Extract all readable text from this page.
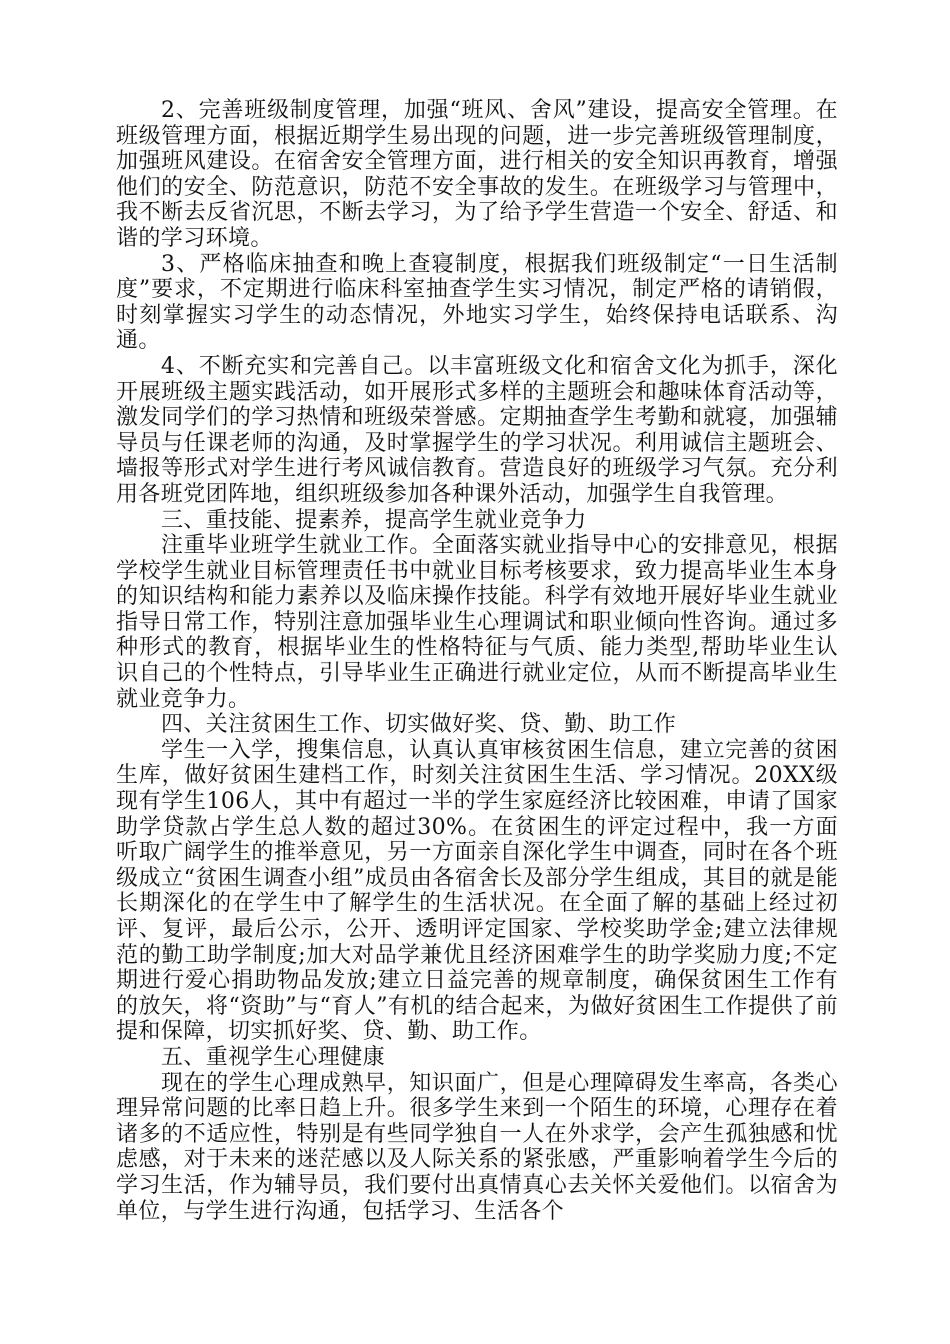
2、完善班级制度管理，加强“班风、舍风”建设，提高安全管理。在班级管理方面，根据近期学生易出现的问题，进一步完善班级管理制度，加强班风建设。在宿舍安全管理方面，进行相关的安全知识再教育，增强他们的安全、防范意识，防范不安全事故的发生。在班级学习与管理中，我不断去反省沉思，不断去学习，为了给予学生营造一个安全、舒适、和谐的学习环境。

3、严格临床抽查和晚上查寝制度，根据我们班级制定“一日生活制度”要求，不定期进行临床科室抽查学生实习情况，制定严格的请销假，时刻掌握实习学生的动态情况，外地实习学生，始终保持电话联系、沟通。

4、不断充实和完善自己。以丰富班级文化和宿舍文化为抓手，深化开展班级主题实践活动，如开展形式多样的主题班会和趣味体育活动等，激发同学们的学习热情和班级荣誉感。定期抽查学生考勤和就寝，加强辅导员与任课老师的沟通，及时掌握学生的学习状况。利用诚信主题班会、墙报等形式对学生进行考风诚信教育。营造良好的班级学习气氛。充分利用各班党团阵地，组织班级参加各种课外活动，加强学生自我管理。

三、重技能、提素养，提高学生就业竞争力

注重毕业班学生就业工作。全面落实就业指导中心的安排意见，根据学校学生就业目标管理责任书中就业目标考核要求，致力提高毕业生本身的知识结构和能力素养以及临床操作技能。科学有效地开展好毕业生就业指导日常工作，特别注意加强毕业生心理调试和职业倾向性咨询。通过多种形式的教育，根据毕业生的性格特征与气质、能力类型,帮助毕业生认识自己的个性特点，引导毕业生正确进行就业定位，从而不断提高毕业生就业竞争力。

四、关注贫困生工作、切实做好奖、贷、勤、助工作

学生一入学，搜集信息，认真认真审核贫困生信息，建立完善的贫困生库，做好贫困生建档工作，时刻关注贫困生生活、学习情况。20XX级现有学生106人，其中有超过一半的学生家庭经济比较困难，申请了国家助学贷款占学生总人数的超过30%。在贫困生的评定过程中，我一方面听取广阔学生的推举意见，另一方面亲自深化学生中调查，同时在各个班级成立“贫困生调查小组”成员由各宿舍长及部分学生组成，其目的就是能长期深化的在学生中了解学生的生活状况。在全面了解的基础上经过初评、复评，最后公示，公开、透明评定国家、学校奖助学金;建立法律规范的勤工助学制度;加大对品学兼优且经济困难学生的助学奖励力度;不定期进行爱心捐助物品发放;建立日益完善的规章制度，确保贫困生工作有的放矢，将“资助”与“育人”有机的结合起来，为做好贫困生工作提供了前提和保障，切实抓好奖、贷、勤、助工作。

五、重视学生心理健康

现在的学生心理成熟早，知识面广，但是心理障碍发生率高，各类心理异常问题的比率日趋上升。很多学生来到一个陌生的环境，心理存在着诸多的不适应性，特别是有些同学独自一人在外求学，会产生孤独感和忧虑感，对于未来的迷茫感以及人际关系的紧张感，严重影响着学生今后的学习生活，作为辅导员，我们要付出真情真心去关怀关爱他们。以宿舍为单位，与学生进行沟通，包括学习、生活各个
